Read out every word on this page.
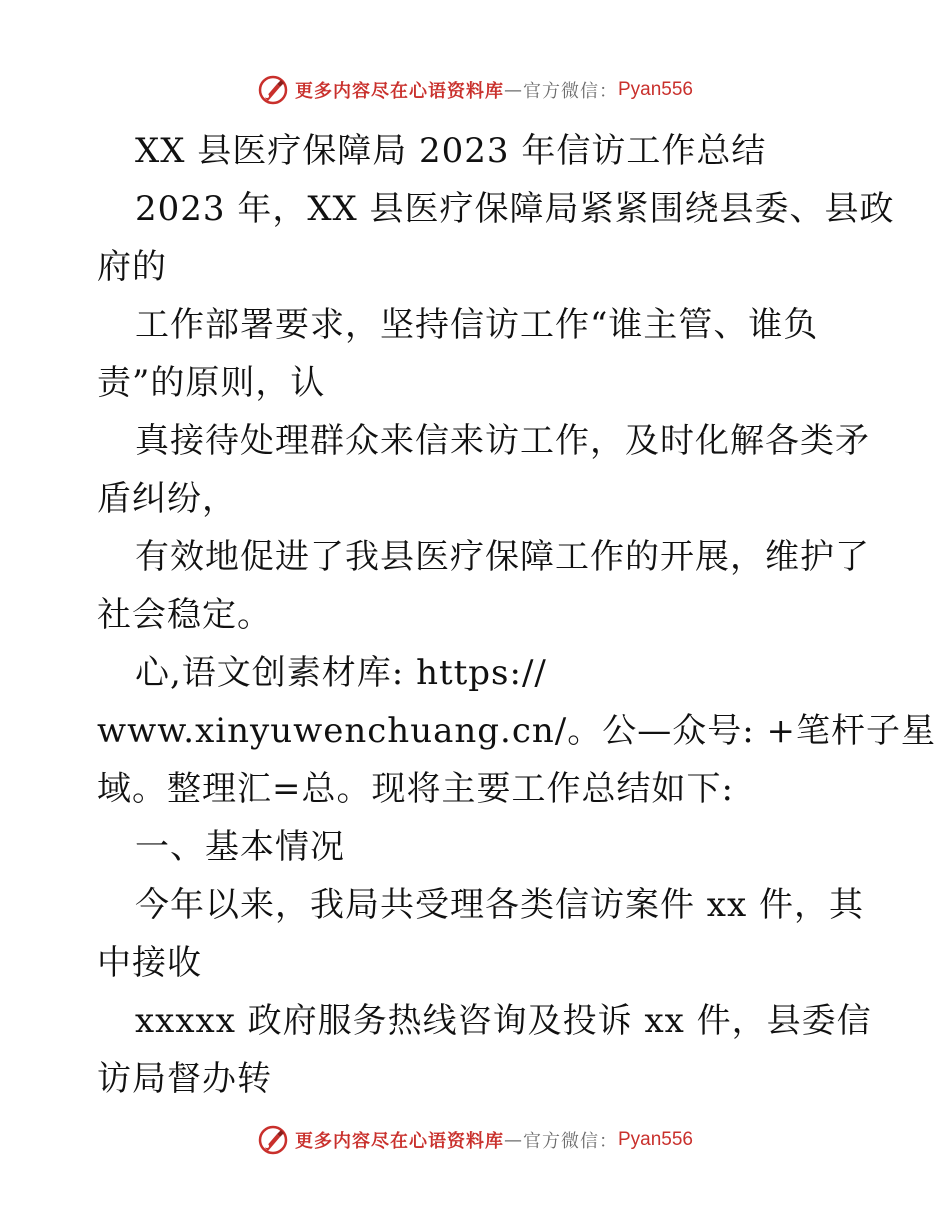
更多内容尽在心语资料库 — 官方微信： Pyan556
XX 县医疗保障局 2023 年信访工作总结
2023 年，XX 县医疗保障局紧紧围绕县委、县政
府的
工作部署要求，坚持信访工作“谁主管、谁负
责”的原则，认
真接待处理群众来信来访工作，及时化解各类矛
盾纠纷，
有效地促进了我县医疗保障工作的开展，维护了
社会稳定。
心,语文创素材库: https://
www.xinyuwenchuang.cn/。公—众号: +笔杆子星
域。整理汇=总。现将主要工作总结如下:
一、基本情况
今年以来，我局共受理各类信访案件 xx 件，其
中接收
xxxxx 政府服务热线咨询及投诉 xx 件，县委信
访局督办转
更多内容尽在心语资料库 — 官方微信： Pyan556
